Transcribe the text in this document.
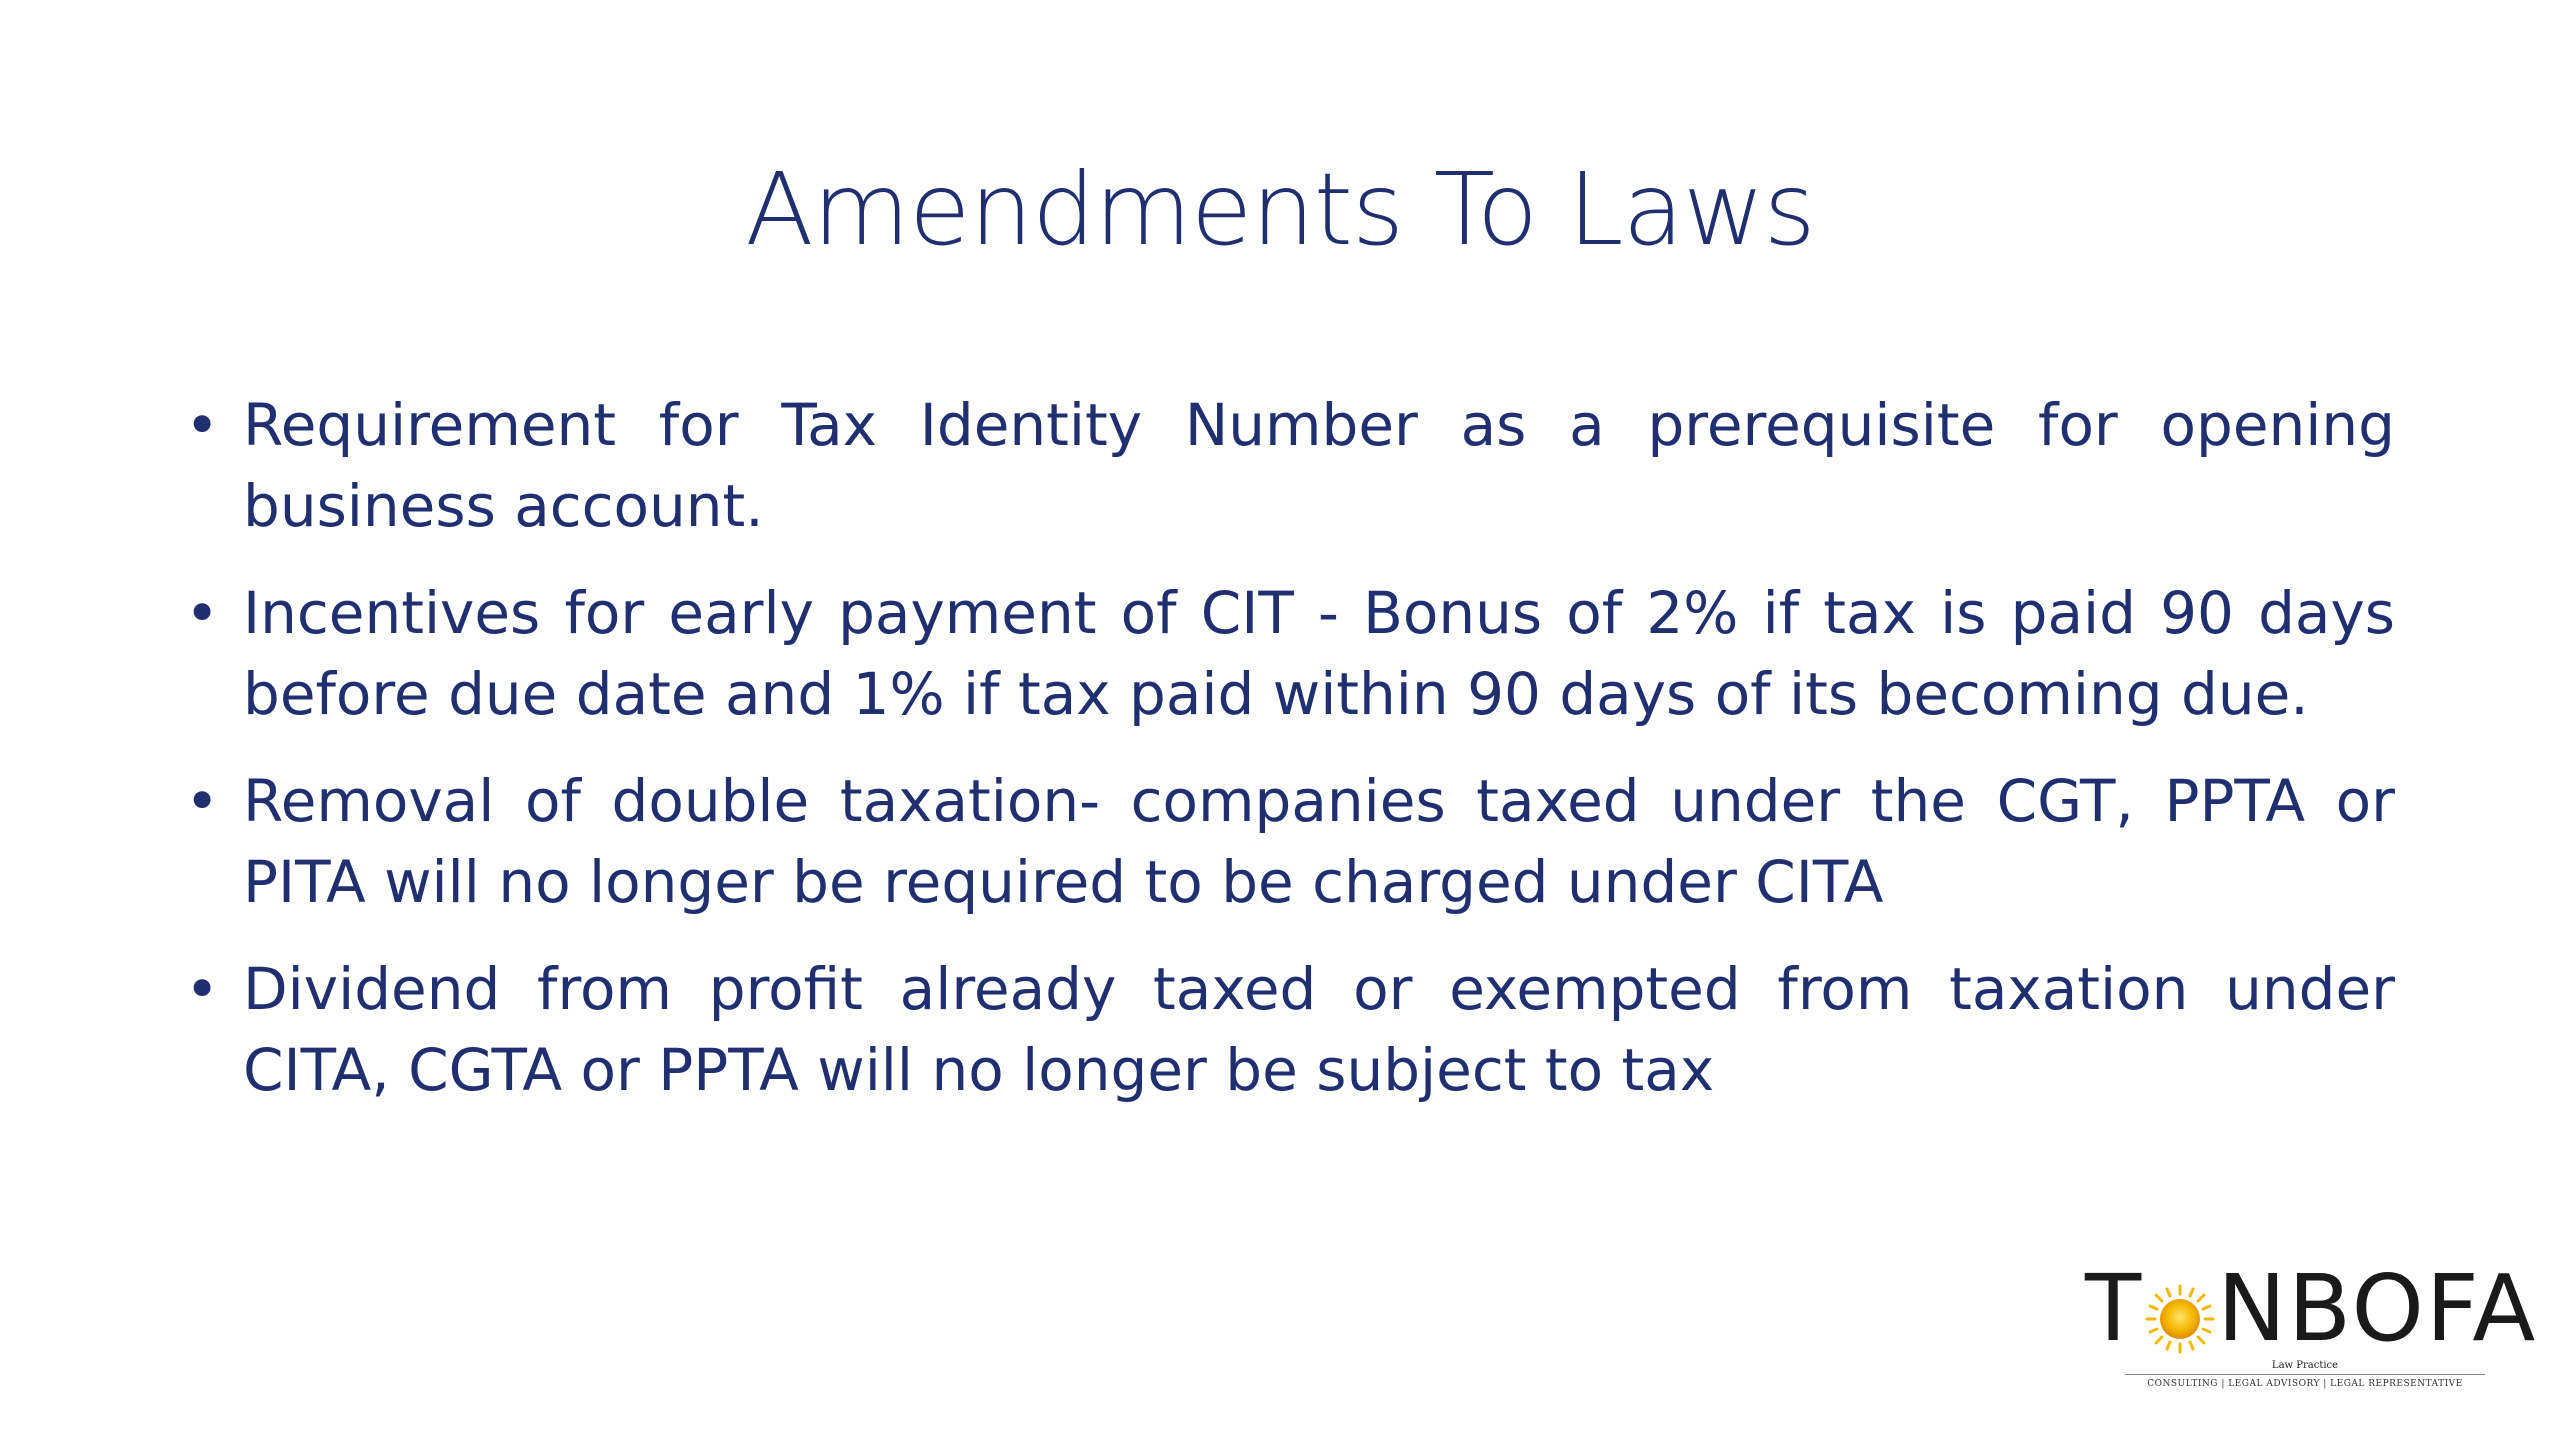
Amendments To Laws
• Requirement for Tax Identity Number as a prerequisite for opening business account.
• Incentives for early payment of CIT - Bonus of 2% if tax is paid 90 days before due date and 1% if tax paid within 90 days of its becoming due.
• Removal of double taxation- companies taxed under the CGT, PPTA or PITA will no longer be required to be charged under CITA
• Dividend from profit already taxed or exempted from taxation under CITA, CGTA or PPTA will no longer be subject to tax
T NBOFA
Law Practice
CONSULTING | LEGAL ADVISORY | LEGAL REPRESENTATIVE
